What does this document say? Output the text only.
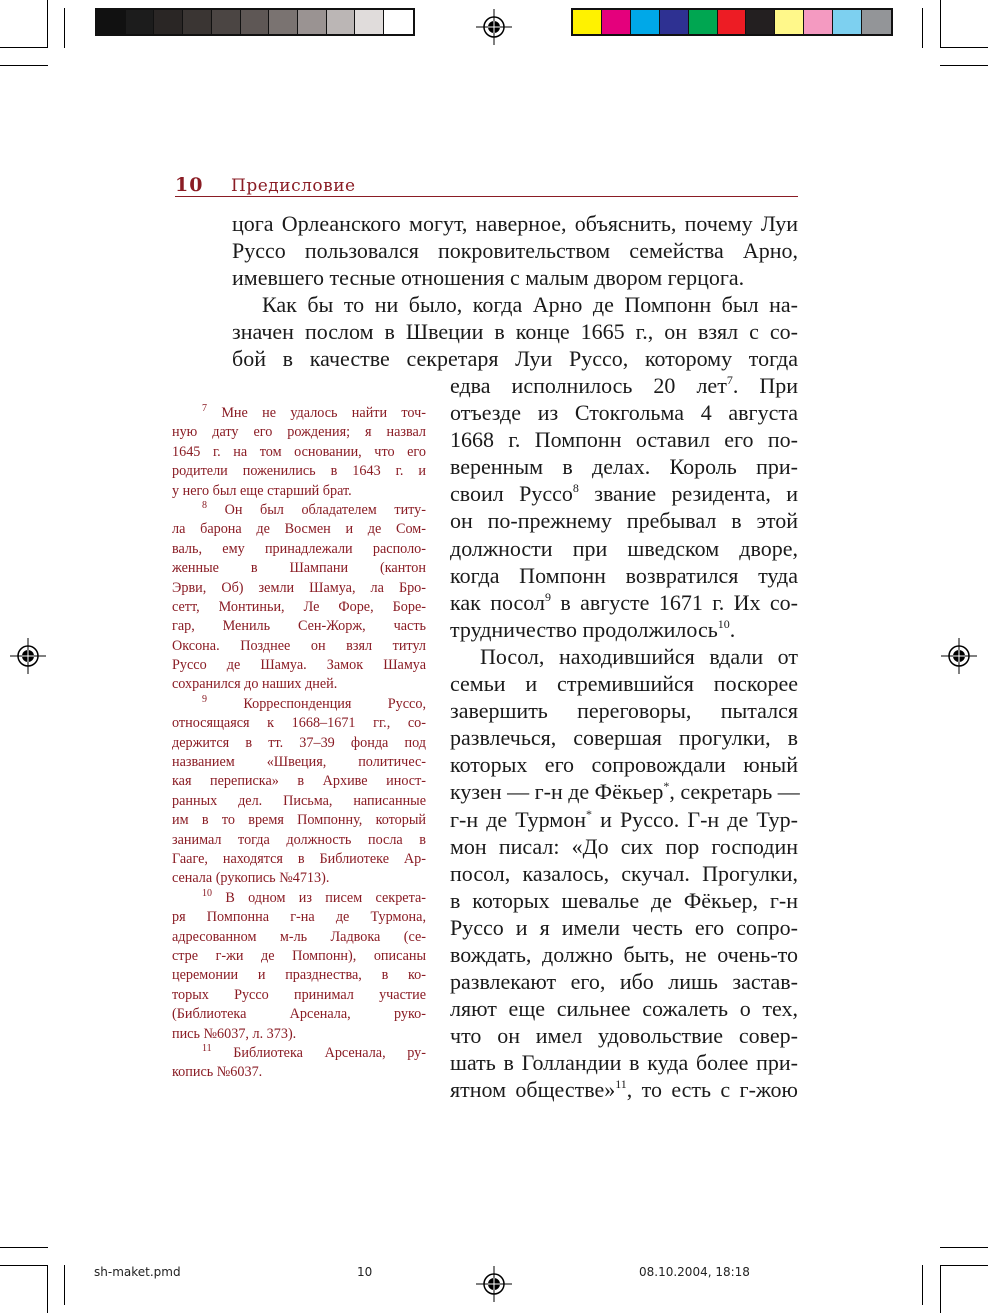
10 Предисловие
цога Орлеанского могут, наверное, объяснить, почему Луи
Руссо пользовался покровительством семейства Арно,
имевшего тесные отношения с малым двором герцога.
Как бы то ни было, когда Арно де Помпонн был на-
значен послом в Швеции в конце 1665 г., он взял с со-
бой в качестве секретаря Луи Руссо, которому тогда
едва исполнилось 20 лет$^7$. При
отъезде из Стокгольма 4 августа
1668 г. Помпонн оставил его по-
веренным в делах. Король при-
своил Руссо$^8$ звание резидента, и
он по-прежнему пребывал в этой
должности при шведском дворе,
когда Помпонн возвратился туда
как посол$^9$ в августе 1671 г. Их со-
трудничество продолжилось$^{10}$.
Посол, находившийся вдали от
семьи и стремившийся поскорее
завершить переговоры, пытался
развлечься, совершая прогулки, в
которых его сопровождали юный
кузен — г-н де Фёкьер*, секретарь —
г-н де Турмон* и Руссо. Г-н де Тур-
мон писал: «До сих пор господин
посол, казалось, скучал. Прогулки,
в которых шевалье де Фёкьер, г-н
Руссо и я имели честь его сопро-
вождать, должно быть, не очень-то
развлекают его, ибо лишь застав-
ляют еще сильнее сожалеть о тех,
что он имел удовольствие совер-
шать в Голландии в куда более при-
ятном обществе»$^{11}$, то есть с г-жою
$^7$ Мне не удалось найти точ-
ную дату его рождения; я назвал
1645 г. на том основании, что его
родители поженились в 1643 г. и
у него был еще старший брат.
$^8$ Он был обладателем титу-
ла барона де Восмен и де Сом-
валь, ему принадлежали располо-
женные в Шампани (кантон
Эрви, Об) земли Шамуа, ла Бро-
сетт, Монтиньи, Ле Форе, Боре-
гар, Мениль Сен-Жорж, часть
Оксона. Позднее он взял титул
Руссо де Шамуа. Замок Шамуа
сохранился до наших дней.
$^9$ Корреспонденция Руссо,
относящаяся к 1668–1671 гг., со-
держится в тт. 37–39 фонда под
названием «Швеция, политичес-
кая переписка» в Архиве иност-
ранных дел. Письма, написанные
им в то время Помпонну, который
занимал тогда должность посла в
Гааге, находятся в Библиотеке Ар-
сенала (рукопись №4713).
$^{10}$ В одном из писем секрета-
ря Помпонна г-на де Турмона,
адресованном м-ль Ладвока (се-
стре г-жи де Помпонн), описаны
церемонии и празднества, в ко-
торых Руссо принимал участие
(Библиотека Арсенала, руко-
пись №6037, л. 373).
$^{11}$ Библиотека Арсенала, ру-
копись №6037.
sh-maket.pmd	10	08.10.2004, 18:18
